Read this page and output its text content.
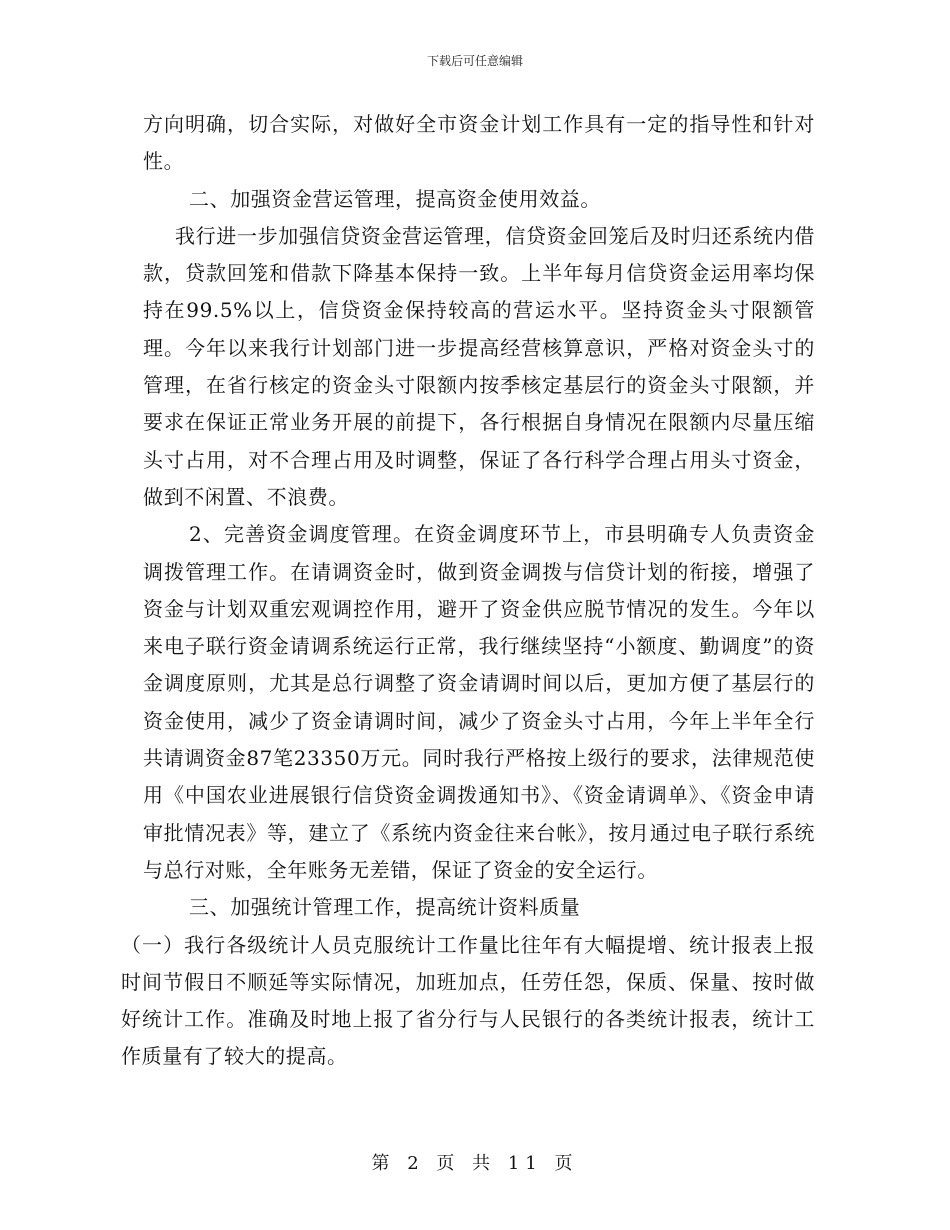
下载后可任意编辑

方向明确，切合实际，对做好全市资金计划工作具有一定的指导性和针对性。

二、加强资金营运管理，提高资金使用效益。

我行进一步加强信贷资金营运管理，信贷资金回笼后及时归还系统内借款，贷款回笼和借款下降基本保持一致。上半年每月信贷资金运用率均保持在99.5%以上，信贷资金保持较高的营运水平。坚持资金头寸限额管理。今年以来我行计划部门进一步提高经营核算意识，严格对资金头寸的管理，在省行核定的资金头寸限额内按季核定基层行的资金头寸限额，并要求在保证正常业务开展的前提下，各行根据自身情况在限额内尽量压缩头寸占用，对不合理占用及时调整，保证了各行科学合理占用头寸资金，做到不闲置、不浪费。

2、完善资金调度管理。在资金调度环节上，市县明确专人负责资金调拨管理工作。在请调资金时，做到资金调拨与信贷计划的衔接，增强了资金与计划双重宏观调控作用，避开了资金供应脱节情况的发生。今年以来电子联行资金请调系统运行正常，我行继续坚持“小额度、勤调度”的资金调度原则，尤其是总行调整了资金请调时间以后，更加方便了基层行的资金使用，减少了资金请调时间，减少了资金头寸占用，今年上半年全行共请调资金87笔23350万元。同时我行严格按上级行的要求，法律规范使用《中国农业进展银行信贷资金调拨通知书》、《资金请调单》、《资金申请审批情况表》等，建立了《系统内资金往来台帐》，按月通过电子联行系统与总行对账，全年账务无差错，保证了资金的安全运行。

三、加强统计管理工作，提高统计资料质量

（一）我行各级统计人员克服统计工作量比往年有大幅提增、统计报表上报时间节假日不顺延等实际情况，加班加点，任劳任怨，保质、保量、按时做好统计工作。准确及时地上报了省分行与人民银行的各类统计报表，统计工作质量有了较大的提高。

第 2 页 共 11 页
